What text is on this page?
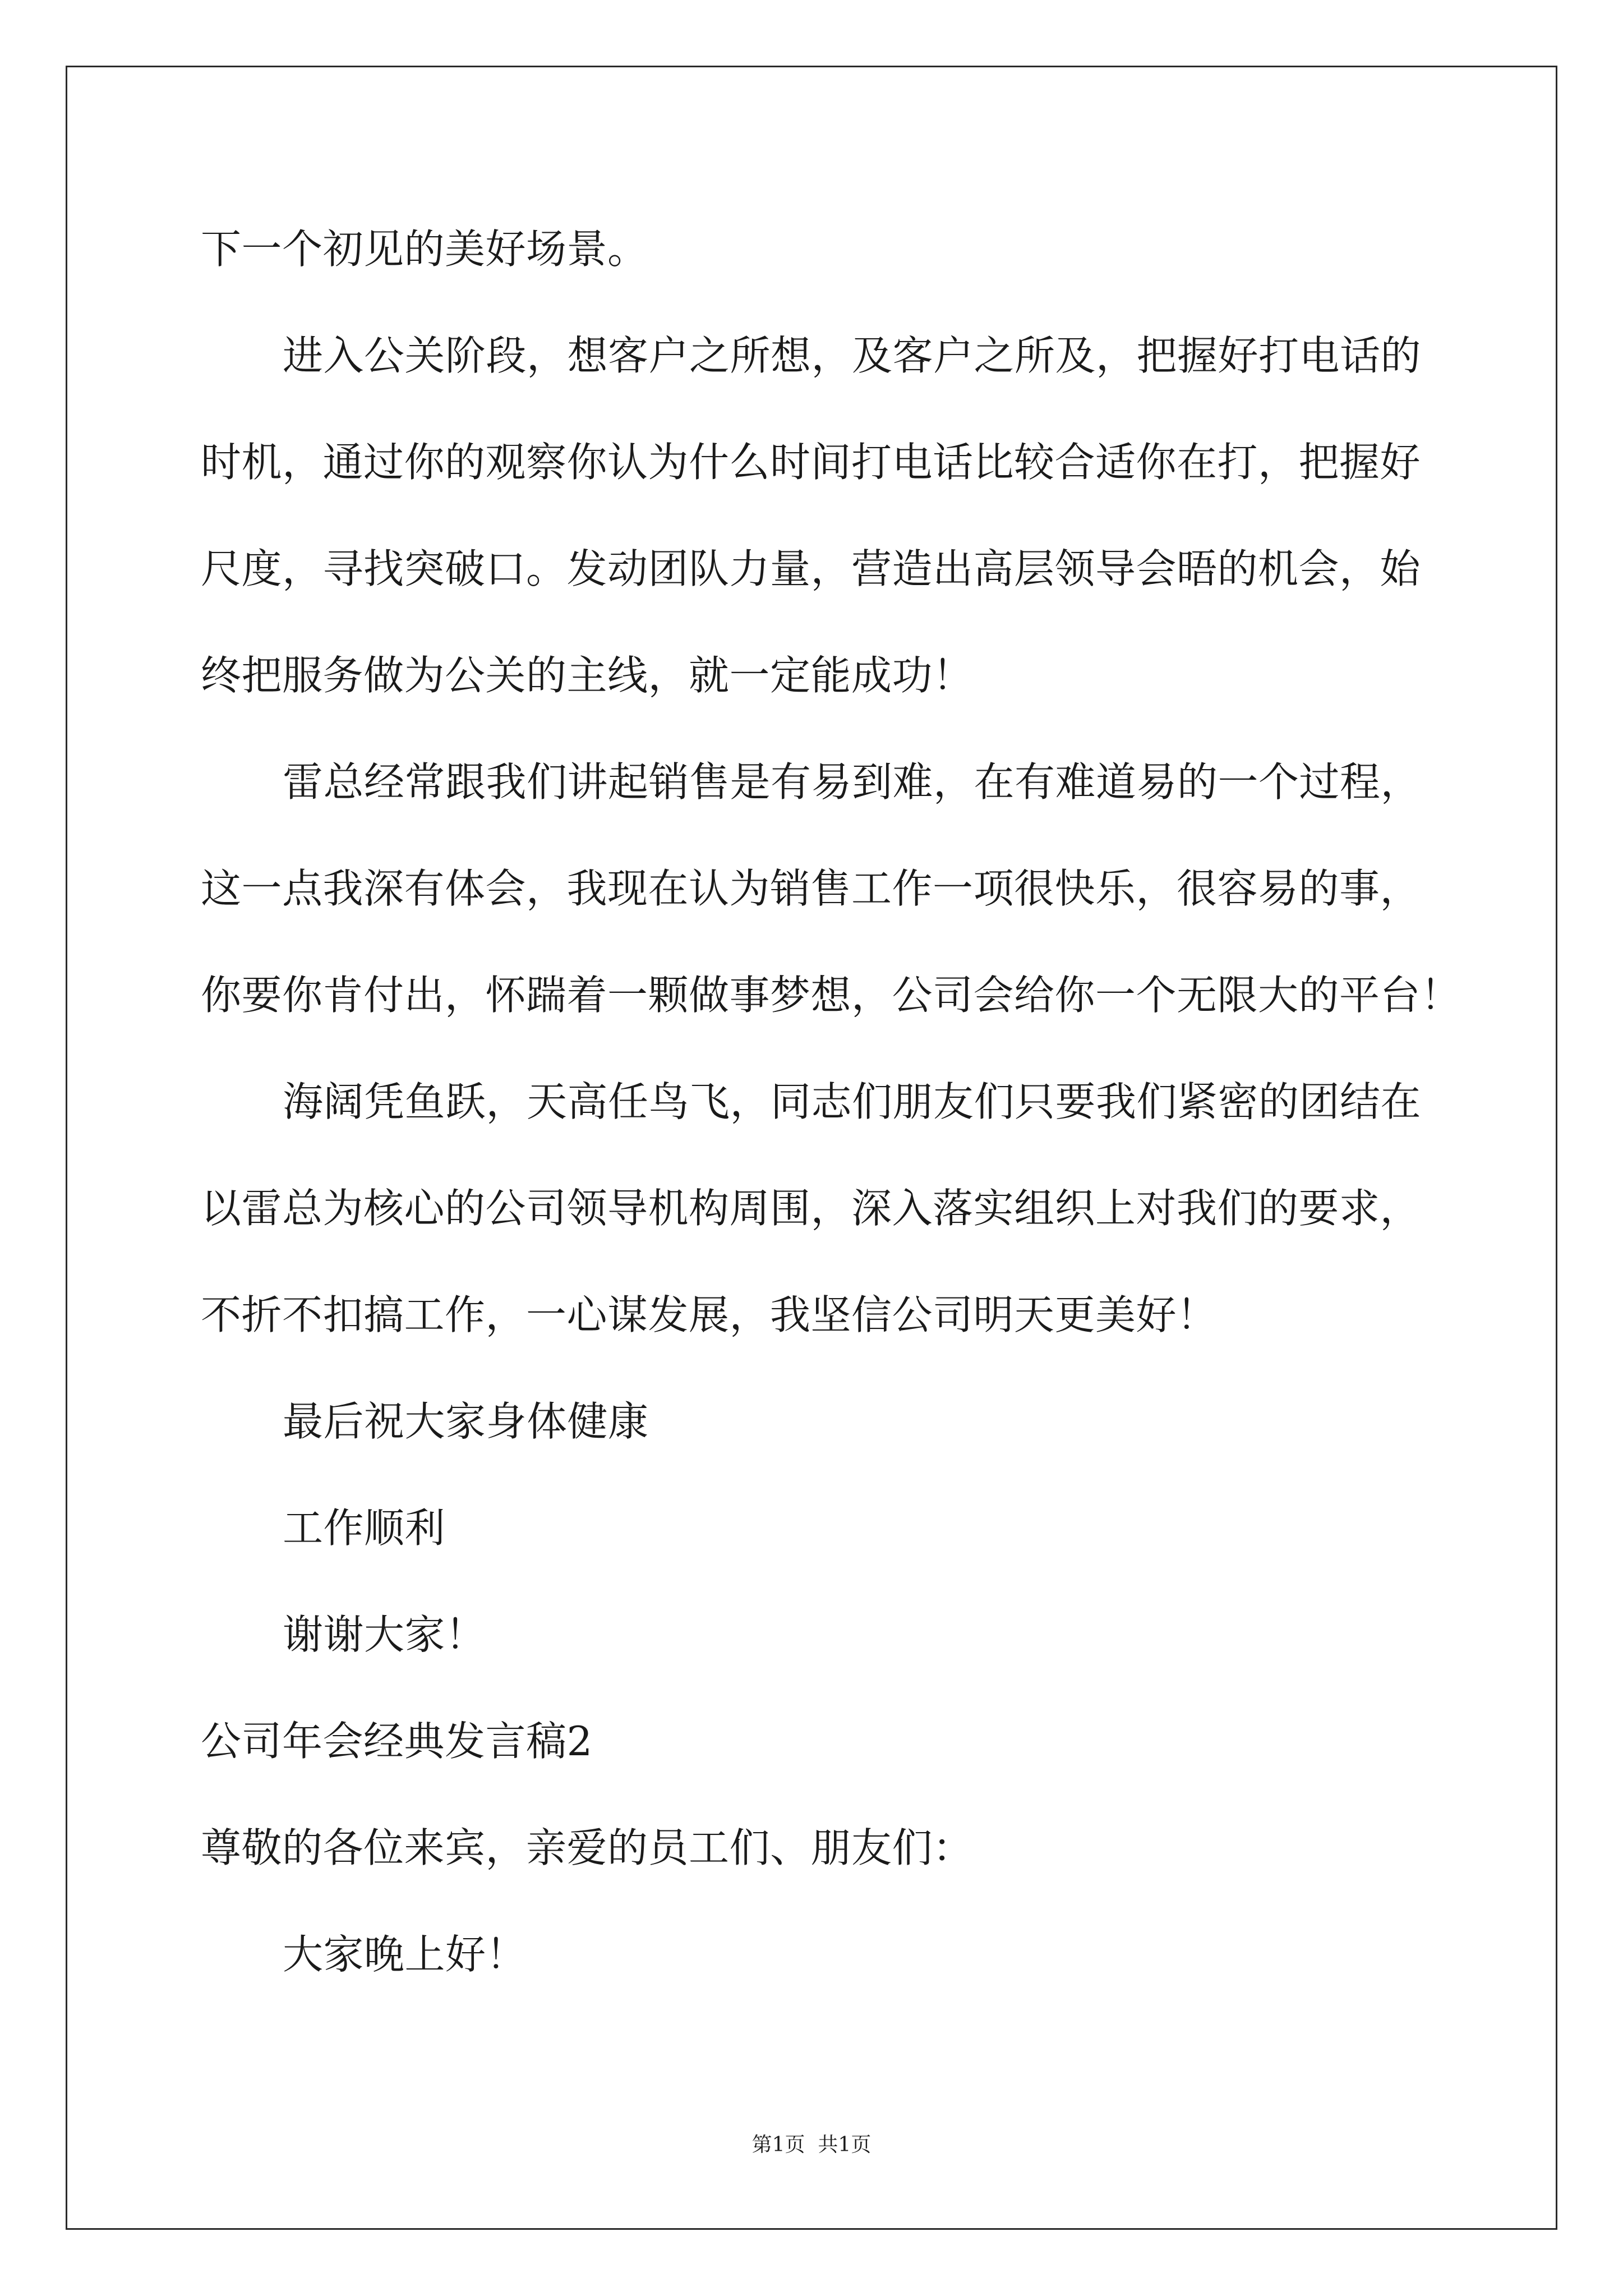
下一个初见的美好场景。
进入公关阶段，想客户之所想，及客户之所及，把握好打电话的
时机，通过你的观察你认为什么时间打电话比较合适你在打，把握好
尺度，寻找突破口。发动团队力量，营造出高层领导会晤的机会，始
终把服务做为公关的主线，就一定能成功！
雷总经常跟我们讲起销售是有易到难，在有难道易的一个过程，
这一点我深有体会，我现在认为销售工作一项很快乐，很容易的事，
你要你肯付出，怀踹着一颗做事梦想，公司会给你一个无限大的平台！
海阔凭鱼跃，天高任鸟飞，同志们朋友们只要我们紧密的团结在
以雷总为核心的公司领导机构周围，深入落实组织上对我们的要求，
不折不扣搞工作，一心谋发展，我坚信公司明天更美好！
最后祝大家身体健康
工作顺利
谢谢大家！
公司年会经典发言稿2
尊敬的各位来宾，亲爱的员工们、朋友们：
大家晚上好！
第1页  共1页
